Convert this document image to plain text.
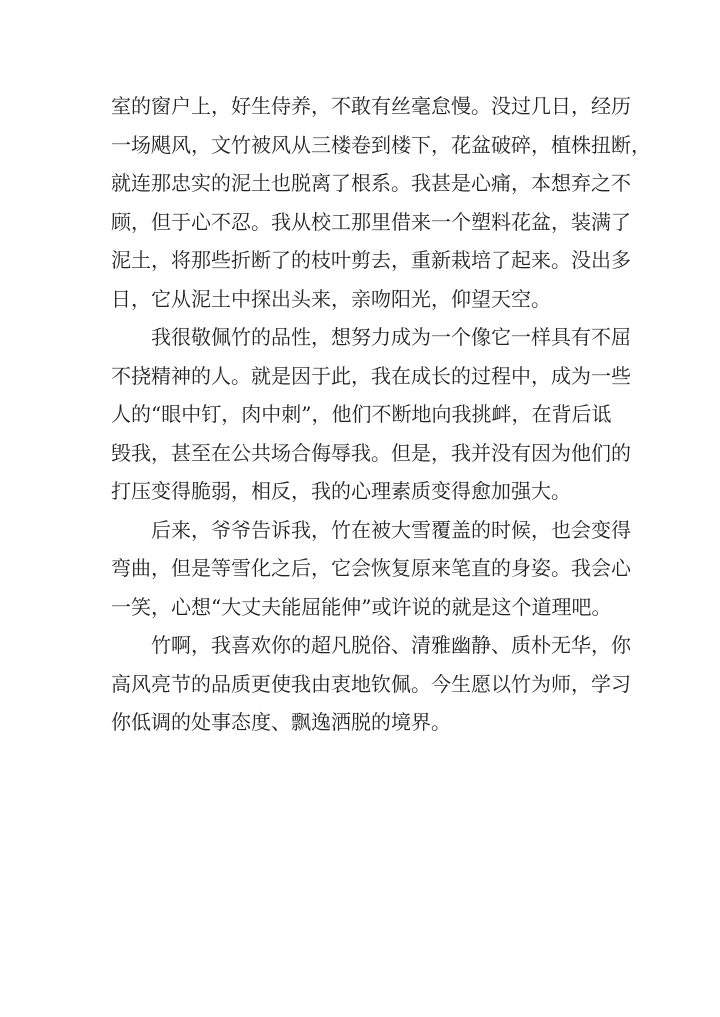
室的窗户上，好生侍养，不敢有丝毫怠慢。没过几日，经历
一场飓风，文竹被风从三楼卷到楼下，花盆破碎，植株扭断，
就连那忠实的泥土也脱离了根系。我甚是心痛，本想弃之不
顾，但于心不忍。我从校工那里借来一个塑料花盆，装满了
泥土，将那些折断了的枝叶剪去，重新栽培了起来。没出多
日，它从泥土中探出头来，亲吻阳光，仰望天空。
我很敬佩竹的品性，想努力成为一个像它一样具有不屈
不挠精神的人。就是因于此，我在成长的过程中，成为一些
人的“眼中钉，肉中刺”，他们不断地向我挑衅，在背后诋
毁我，甚至在公共场合侮辱我。但是，我并没有因为他们的
打压变得脆弱，相反，我的心理素质变得愈加强大。
后来，爷爷告诉我，竹在被大雪覆盖的时候，也会变得
弯曲，但是等雪化之后，它会恢复原来笔直的身姿。我会心
一笑，心想“大丈夫能屈能伸”或许说的就是这个道理吧。
竹啊，我喜欢你的超凡脱俗、清雅幽静、质朴无华，你
高风亮节的品质更使我由衷地钦佩。今生愿以竹为师，学习
你低调的处事态度、飘逸洒脱的境界。
